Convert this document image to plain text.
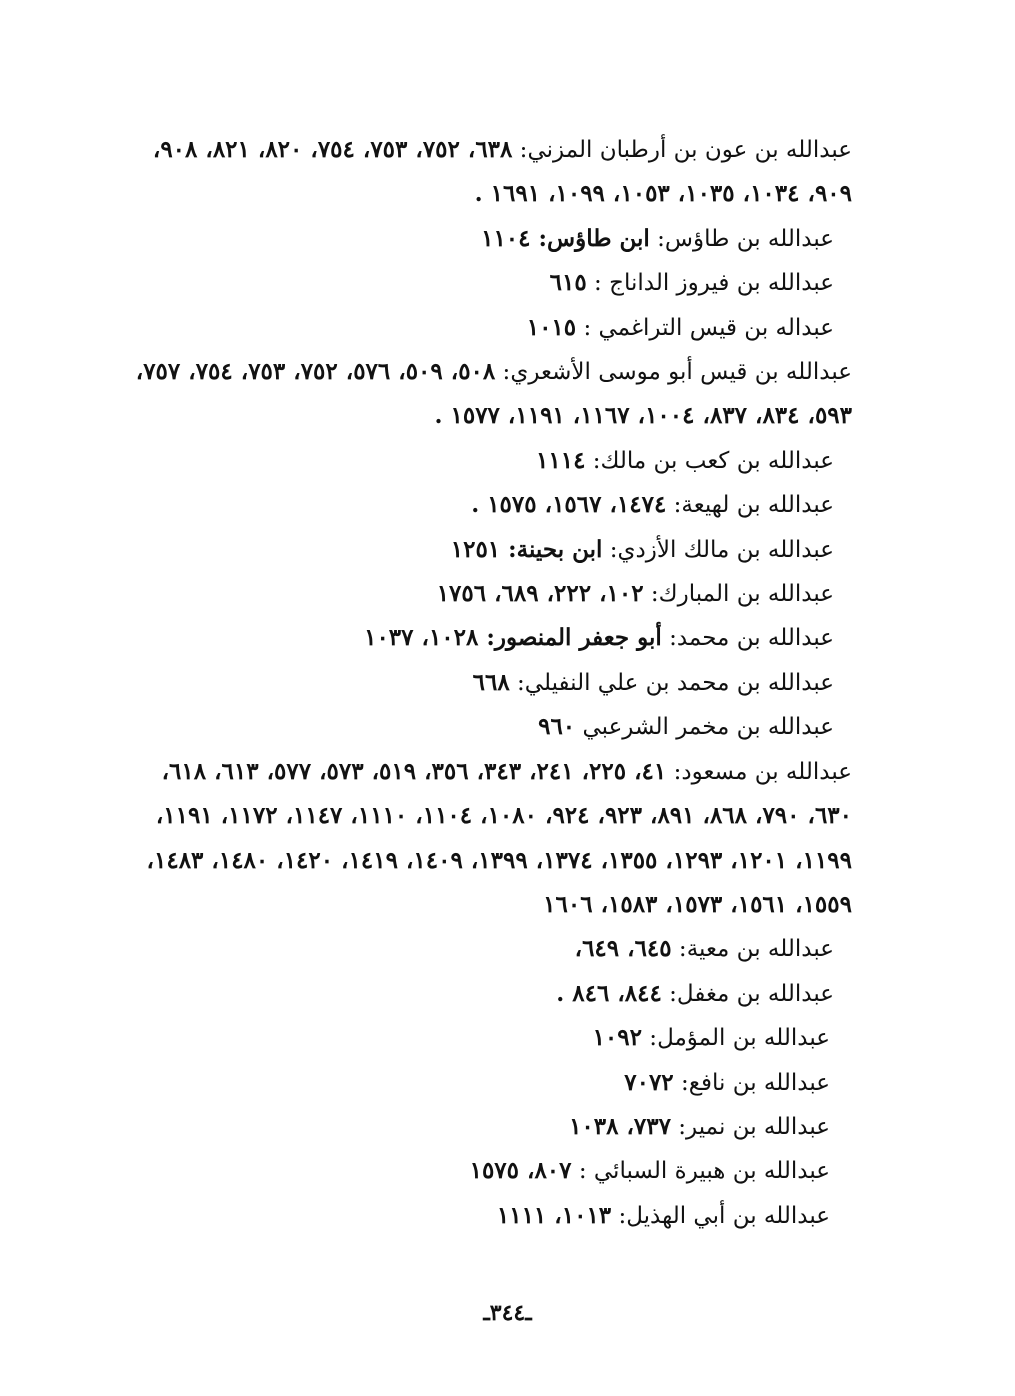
عبدالله بن عون بن أرطبان المزني: ٦٣٨، ٧٥٢، ٧٥٣، ٧٥٤، ٨٢٠، ٨٢١، ٩٠٨، ٩٠٩، ١٠٣٤، ١٠٣٥، ١٠٥٣، ١٠٩٩، ١٦٩١ .
عبدالله بن طاؤس: ابن طاؤس: ١١٠٤
عبدالله بن فيروز الداناج : ٦١٥
عبداله بن قيس التراغمي : ١٠١٥
عبدالله بن قيس أبو موسى الأشعري: ٥٠٨، ٥٠٩، ٥٧٦، ٧٥٢، ٧٥٣، ٧٥٤، ٧٥٧، ٥٩٣، ٨٣٤، ٨٣٧، ١٠٠٤، ١١٦٧، ١١٩١، ١٥٧٧ .
عبدالله بن كعب بن مالك: ١١١٤
عبدالله بن لهيعة: ١٤٧٤، ١٥٦٧، ١٥٧٥ .
عبدالله بن مالك الأزدي: ابن بحينة: ١٢٥١
عبدالله بن المبارك: ١٠٢، ٢٢٢، ٦٨٩، ١٧٥٦
عبدالله بن محمد: أبو جعفر المنصور: ١٠٢٨، ١٠٣٧
عبدالله بن محمد بن علي النفيلي: ٦٦٨
عبدالله بن مخمر الشرعبي ٩٦٠
عبدالله بن مسعود: ٤١، ٢٢٥، ٢٤١، ٣٤٣، ٣٥٦، ٥١٩، ٥٧٣، ٥٧٧، ٦١٣، ٦١٨، ٦٣٠، ٧٩٠، ٨٦٨، ٨٩١، ٩٢٣، ٩٢٤، ١٠٨٠، ١١٠٤، ١١١٠، ١١٤٧، ١١٧٢، ١١٩١، ١١٩٩، ١٢٠١، ١٢٩٣، ١٣٥٥، ١٣٧٤، ١٣٩٩، ١٤٠٩، ١٤١٩، ١٤٢٠، ١٤٨٠، ١٤٨٣، ١٥٥٩، ١٥٦١، ١٥٧٣، ١٥٨٣، ١٦٠٦
عبدالله بن معية: ٦٤٥، ٦٤٩،
عبدالله بن مغفل: ٨٤٤، ٨٤٦ .
عبدالله بن المؤمل: ١٠٩٢
عبدالله بن نافع: ٧٠٧٢
عبدالله بن نمير: ٧٣٧، ١٠٣٨
عبدالله بن هبيرة السبائي : ٨٠٧، ١٥٧٥
عبدالله بن أبي الهذيل: ١٠١٣، ١١١١
ـ٣٤٤ـ
